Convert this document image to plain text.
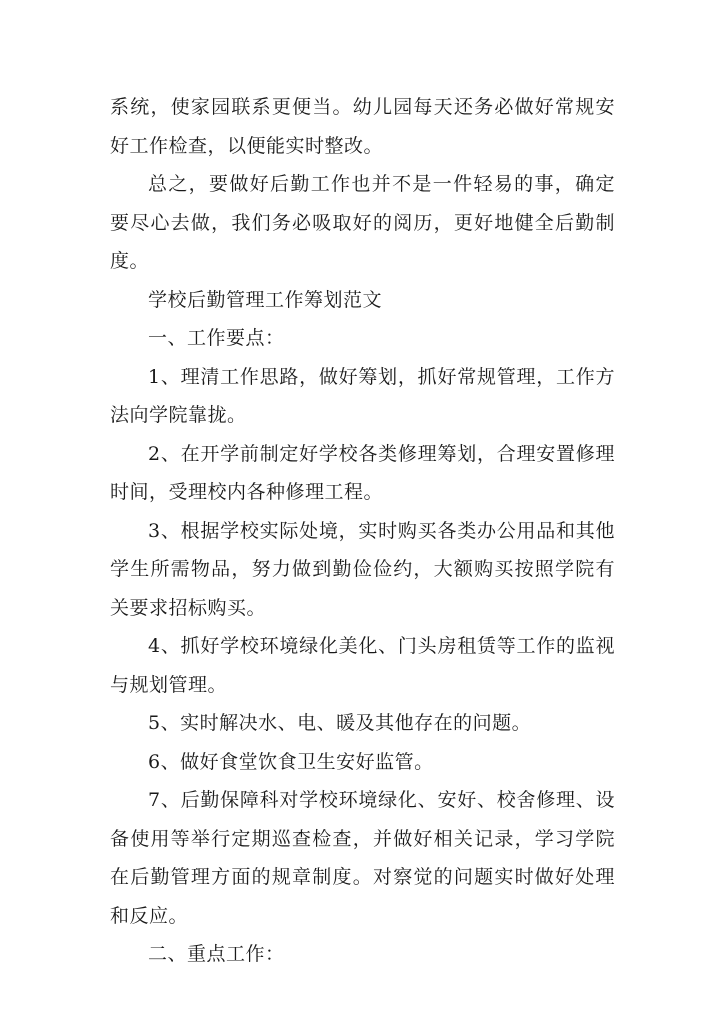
系统，使家园联系更便当。幼儿园每天还务必做好常规安好工作检查，以便能实时整改。

总之，要做好后勤工作也并不是一件轻易的事，确定要尽心去做，我们务必吸取好的阅历，更好地健全后勤制度。

学校后勤管理工作筹划范文

一、工作要点：

1、理清工作思路，做好筹划，抓好常规管理，工作方法向学院靠拢。

2、在开学前制定好学校各类修理筹划，合理安置修理时间，受理校内各种修理工程。

3、根据学校实际处境，实时购买各类办公用品和其他学生所需物品，努力做到勤俭俭约，大额购买按照学院有关要求招标购买。

4、抓好学校环境绿化美化、门头房租赁等工作的监视与规划管理。

5、实时解决水、电、暖及其他存在的问题。

6、做好食堂饮食卫生安好监管。

7、后勤保障科对学校环境绿化、安好、校舍修理、设备使用等举行定期巡查检查，并做好相关记录，学习学院在后勤管理方面的规章制度。对察觉的问题实时做好处理和反应。

二、重点工作：
